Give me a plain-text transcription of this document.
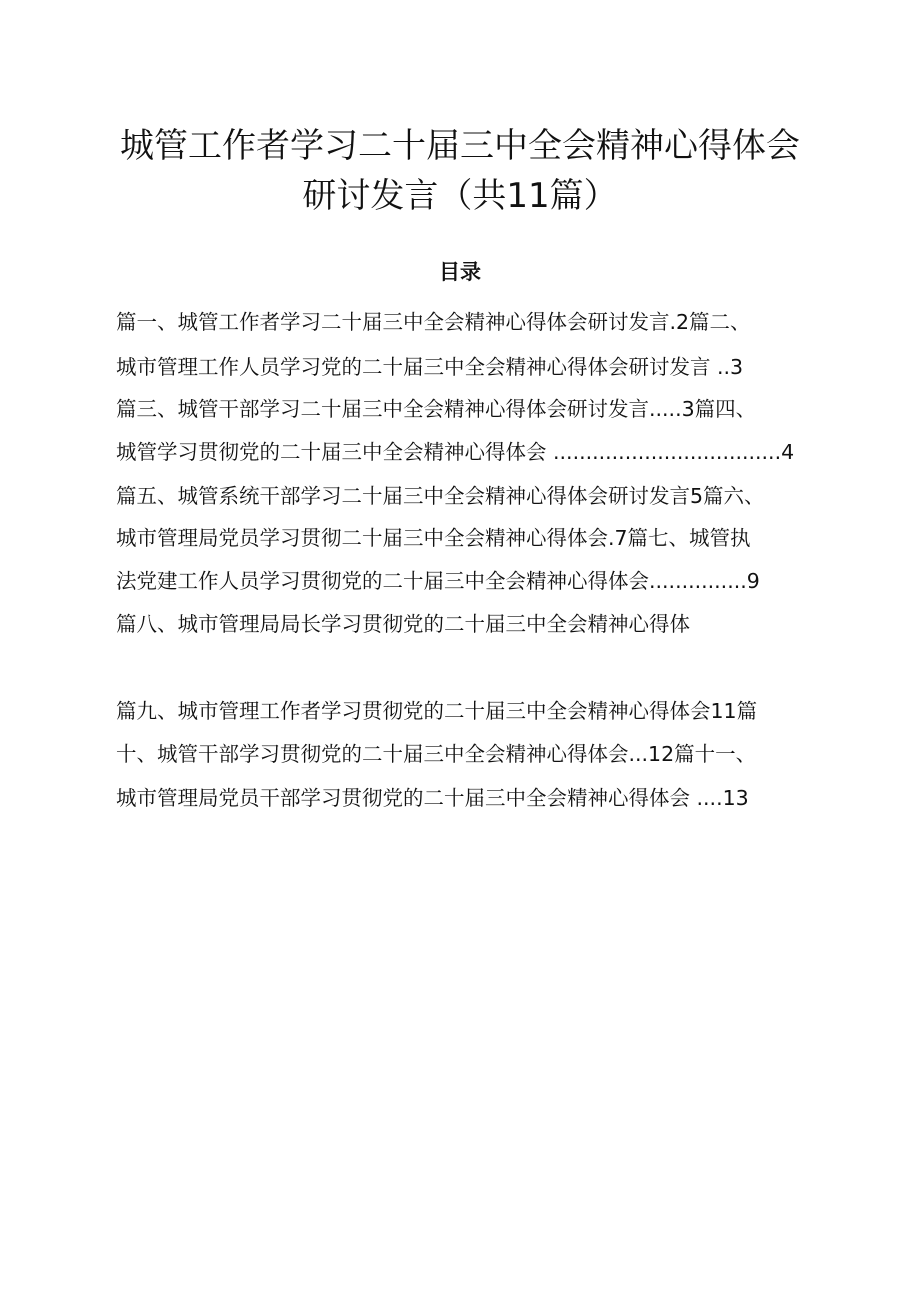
城管工作者学习二十届三中全会精神心得体会
研讨发言（共11篇）
目录
篇一、城管工作者学习二十届三中全会精神心得体会研讨发言.2篇二、
城市管理工作人员学习党的二十届三中全会精神心得体会研讨发言 ..3
篇三、城管干部学习二十届三中全会精神心得体会研讨发言.....3篇四、
城管学习贯彻党的二十届三中全会精神心得体会 ...................................4
篇五、城管系统干部学习二十届三中全会精神心得体会研讨发言5篇六、
城市管理局党员学习贯彻二十届三中全会精神心得体会.7篇七、城管执
法党建工作人员学习贯彻党的二十届三中全会精神心得体会...............9
篇八、城市管理局局长学习贯彻党的二十届三中全会精神心得体
篇九、城市管理工作者学习贯彻党的二十届三中全会精神心得体会11篇
十、城管干部学习贯彻党的二十届三中全会精神心得体会...12篇十一、
城市管理局党员干部学习贯彻党的二十届三中全会精神心得体会 ....13
